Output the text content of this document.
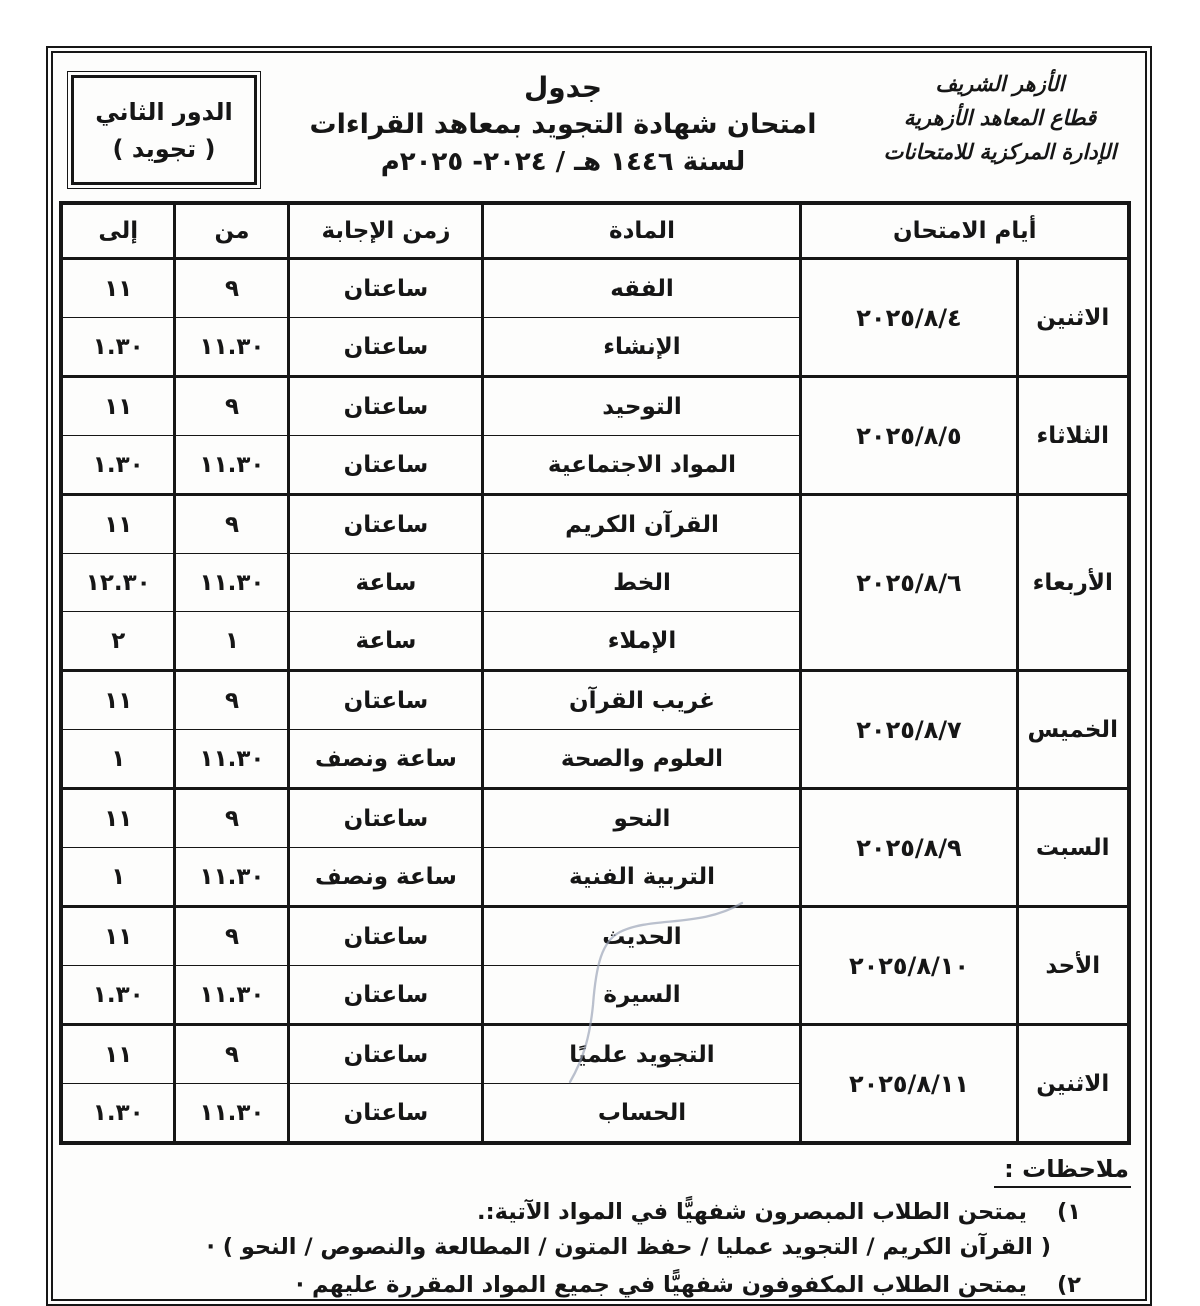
الأزهر الشريف
قطاع المعاهد الأزهرية
الإدارة المركزية للامتحانات
جدول
امتحان شهادة التجويد بمعاهد القراءات
لسنة ١٤٤٦ هـ / ٢٠٢٤- ٢٠٢٥م
الدور الثاني
( تجويد )
أيام الامتحان		المادة	زمن الإجابة	من	إلى
الاثنين	٢٠٢٥/٨/٤	الفقه	ساعتان	٩	١١
		الإنشاء	ساعتان	١١.٣٠	١.٣٠
الثلاثاء	٢٠٢٥/٨/٥	التوحيد	ساعتان	٩	١١
		المواد الاجتماعية	ساعتان	١١.٣٠	١.٣٠
الأربعاء	٢٠٢٥/٨/٦	القرآن الكريم	ساعتان	٩	١١
		الخط	ساعة	١١.٣٠	١٢.٣٠
		الإملاء	ساعة	١	٢
الخميس	٢٠٢٥/٨/٧	غريب القرآن	ساعتان	٩	١١
		العلوم والصحة	ساعة ونصف	١١.٣٠	١
السبت	٢٠٢٥/٨/٩	النحو	ساعتان	٩	١١
		التربية الفنية	ساعة ونصف	١١.٣٠	١
الأحد	٢٠٢٥/٨/١٠	الحديث	ساعتان	٩	١١
		السيرة	ساعتان	١١.٣٠	١.٣٠
الاثنين	٢٠٢٥/٨/١١	التجويد علميًا	ساعتان	٩	١١
		الحساب	ساعتان	١١.٣٠	١.٣٠
ملاحظات :
١)
يمتحن الطلاب المبصرون شفهيًّا في المواد الآتية:.
( القرآن الكريم / التجويد عمليا / حفظ المتون / المطالعة والنصوص / النحو ) ·
٢)
يمتحن الطلاب المكفوفون شفهيًّا في جميع المواد المقررة عليهم ·
